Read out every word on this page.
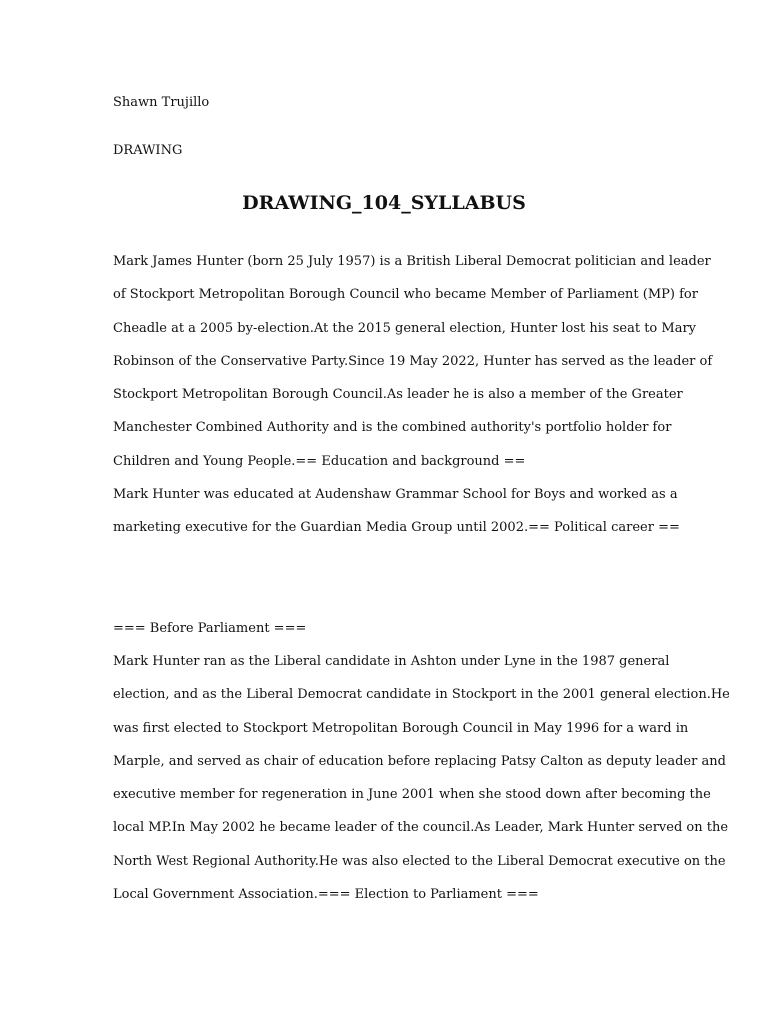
Shawn Trujillo

DRAWING

DRAWING_104_SYLLABUS

Mark James Hunter (born 25 July 1957) is a British Liberal Democrat politician and leader

of Stockport Metropolitan Borough Council who became Member of Parliament (MP) for

Cheadle at a 2005 by-election.At the 2015 general election, Hunter lost his seat to Mary

Robinson of the Conservative Party.Since 19 May 2022, Hunter has served as the leader of

Stockport Metropolitan Borough Council.As leader he is also a member of the Greater

Manchester Combined Authority and is the combined authority's portfolio holder for

Children and Young People.== Education and background ==

Mark Hunter was educated at Audenshaw Grammar School for Boys and worked as a

marketing executive for the Guardian Media Group until 2002.== Political career ==

=== Before Parliament ===

Mark Hunter ran as the Liberal candidate in Ashton under Lyne in the 1987 general

election, and as the Liberal Democrat candidate in Stockport in the 2001 general election.He

was first elected to Stockport Metropolitan Borough Council in May 1996 for a ward in

Marple, and served as chair of education before replacing Patsy Calton as deputy leader and

executive member for regeneration in June 2001 when she stood down after becoming the

local MP.In May 2002 he became leader of the council.As Leader, Mark Hunter served on the

North West Regional Authority.He was also elected to the Liberal Democrat executive on the

Local Government Association.=== Election to Parliament ===
